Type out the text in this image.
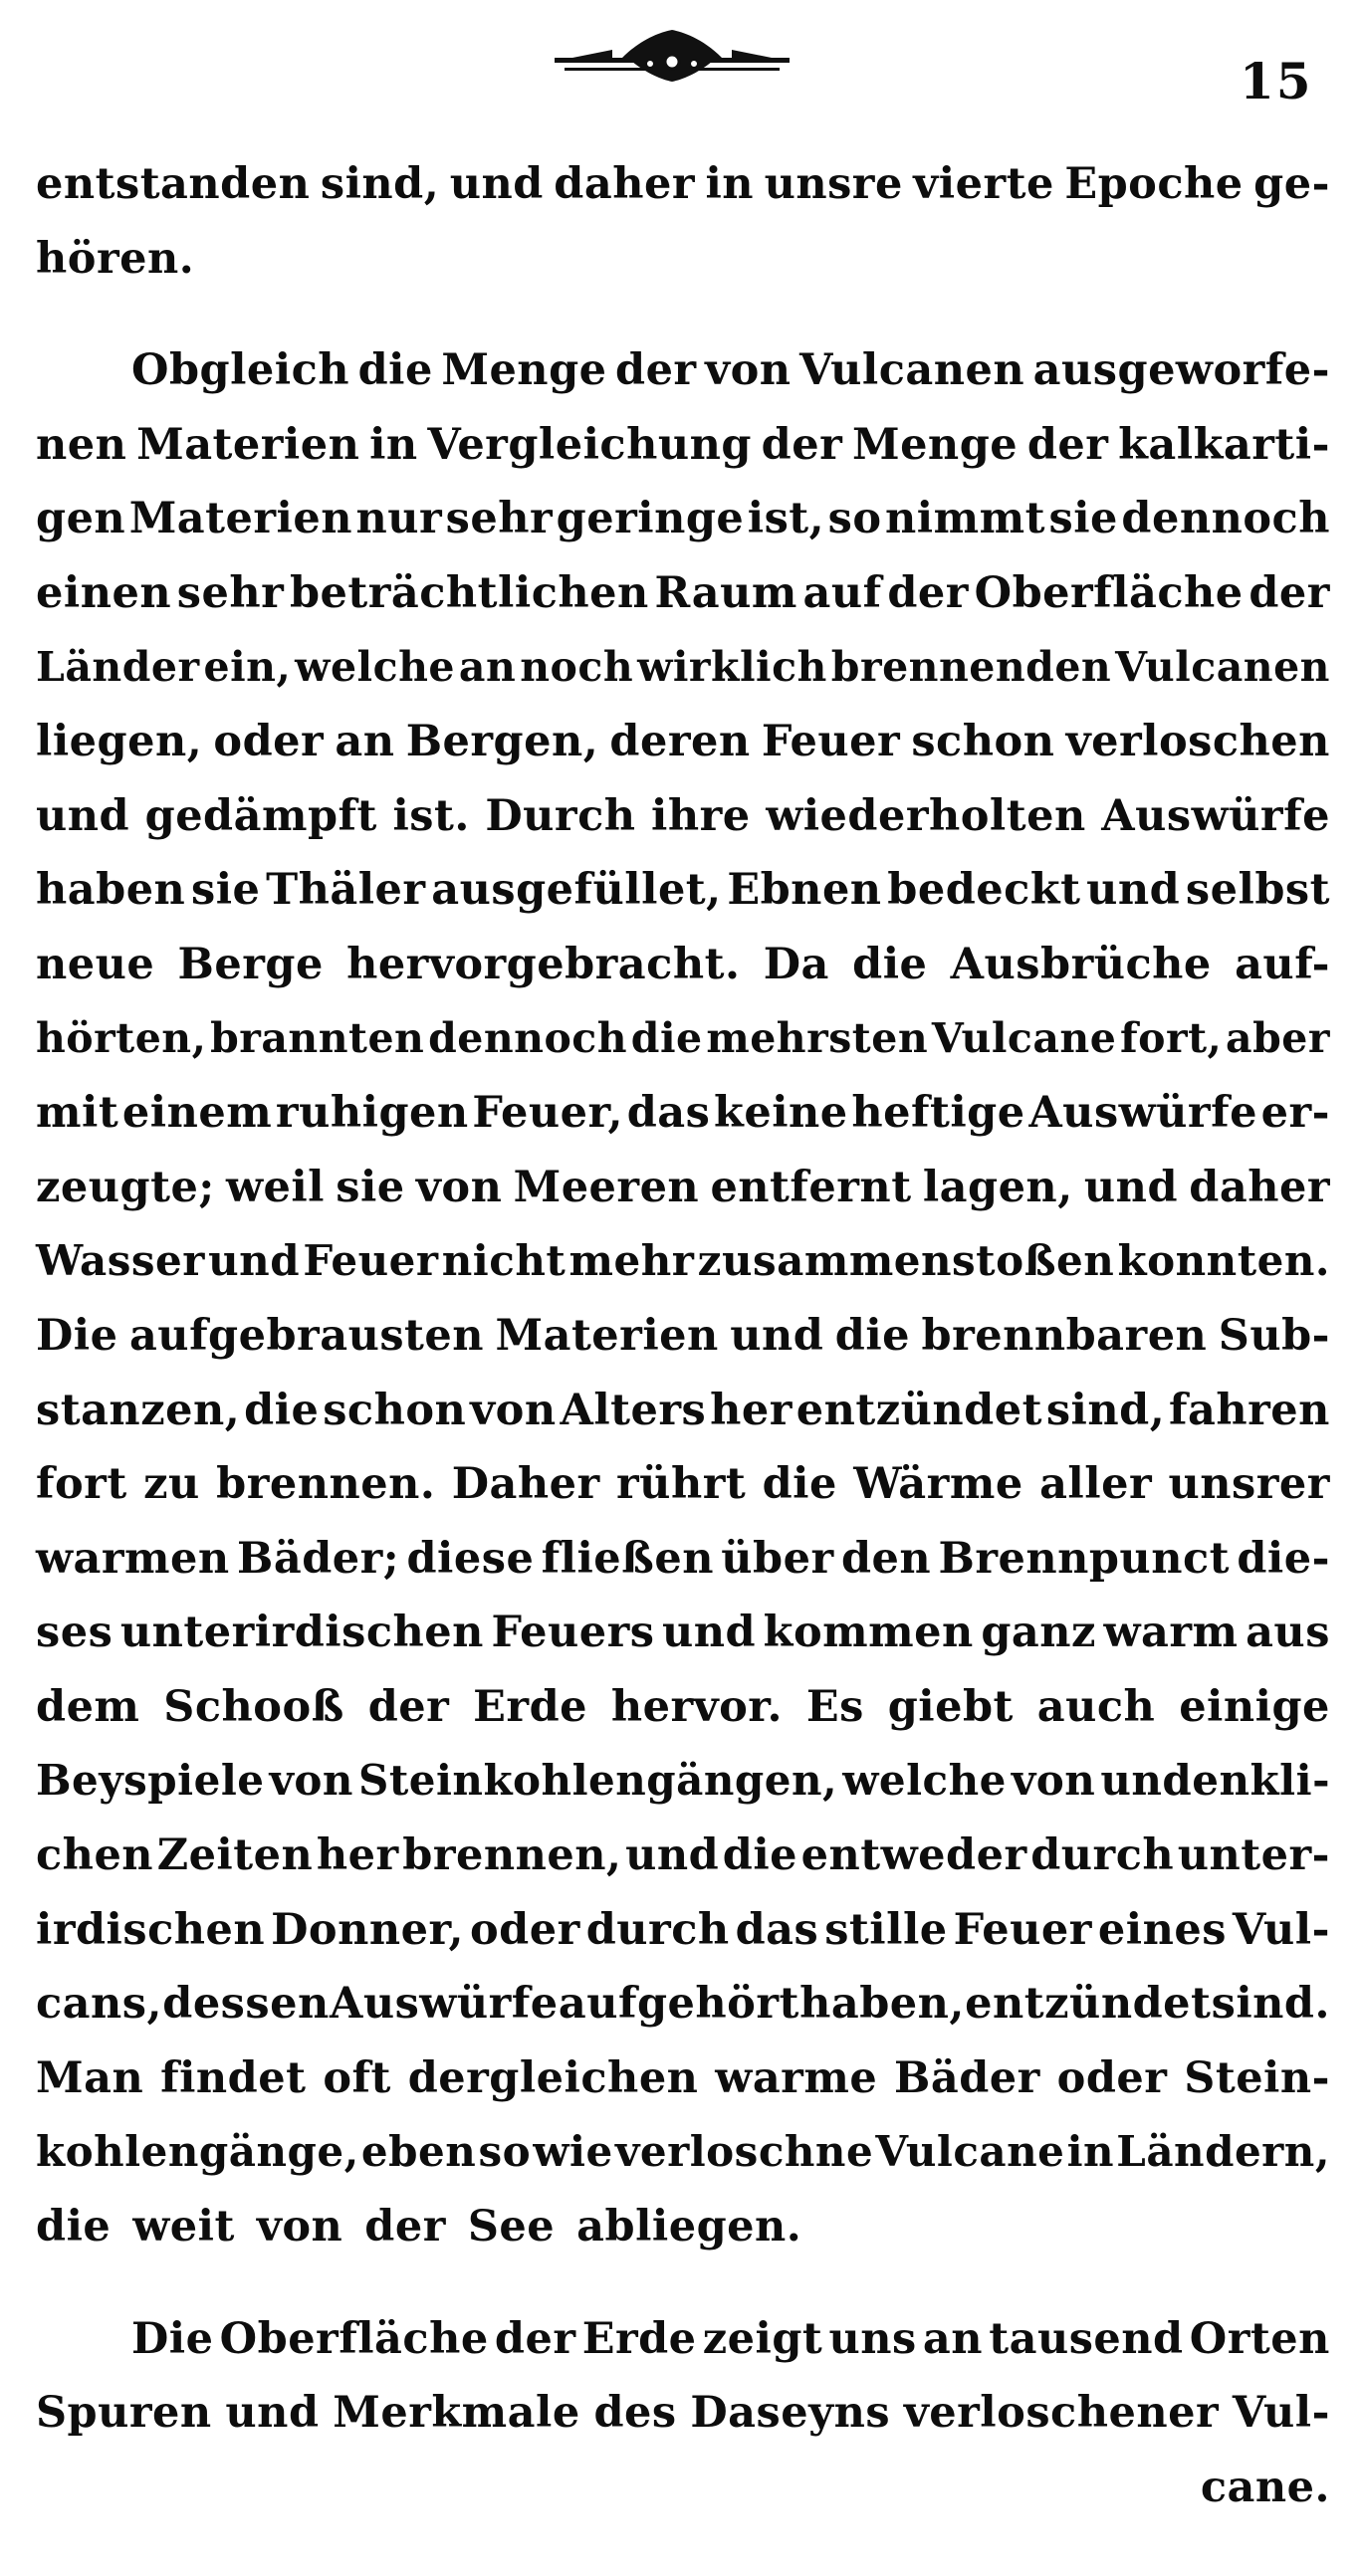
15
entstanden sind, und daher in unsre vierte Epoche ge-
hören.
Obgleich die Menge der von Vulcanen ausgeworfe-
nen Materien in Vergleichung der Menge der kalkarti-
gen Materien nur sehr geringe ist, so nimmt sie dennoch
einen sehr beträchtlichen Raum auf der Oberfläche der
Länder ein, welche an noch wirklich brennenden Vulcanen
liegen, oder an Bergen, deren Feuer schon verloschen
und gedämpft ist. Durch ihre wiederholten Auswürfe
haben sie Thäler ausgefüllet, Ebnen bedeckt und selbst
neue Berge hervorgebracht. Da die Ausbrüche auf-
hörten, brannten dennoch die mehrsten Vulcane fort, aber
mit einem ruhigen Feuer, das keine heftige Auswürfe er-
zeugte; weil sie von Meeren entfernt lagen, und daher
Wasser und Feuer nicht mehr zusammenstoßen konnten.
Die aufgebrausten Materien und die brennbaren Sub-
stanzen, die schon von Alters her entzündet sind, fahren
fort zu brennen. Daher rührt die Wärme aller unsrer
warmen Bäder; diese fließen über den Brennpunct die-
ses unterirdischen Feuers und kommen ganz warm aus
dem Schooß der Erde hervor. Es giebt auch einige
Beyspiele von Steinkohlengängen, welche von undenkli-
chen Zeiten her brennen, und die entweder durch unter-
irdischen Donner, oder durch das stille Feuer eines Vul-
cans, dessen Auswürfe aufgehört haben, entzündet sind.
Man findet oft dergleichen warme Bäder oder Stein-
kohlengänge, eben so wie verloschne Vulcane in Ländern,
die weit von der See abliegen.
Die Oberfläche der Erde zeigt uns an tausend Orten
Spuren und Merkmale des Daseyns verloschener Vul-
cane.
